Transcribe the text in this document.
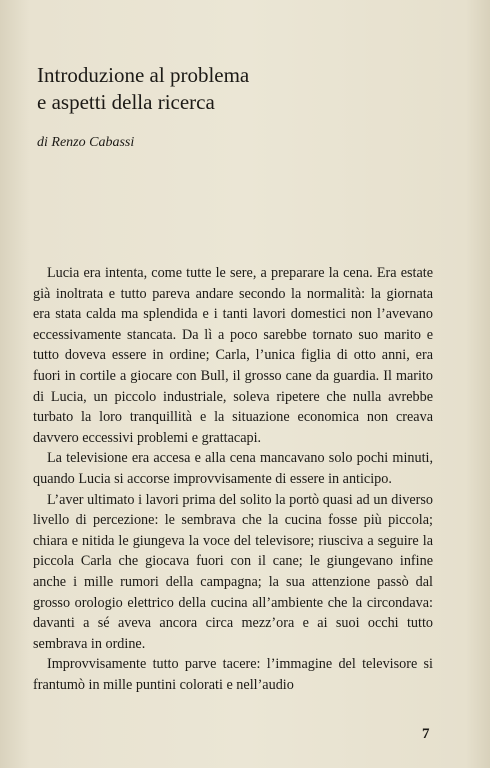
Introduzione al problema
e aspetti della ricerca
di Renzo Cabassi

Lucia era intenta, come tutte le sere, a preparare la cena. Era estate già inoltrata e tutto pareva andare secondo la normalità: la giornata era stata calda ma splendida e i tanti lavori domestici non l’avevano eccessivamente stancata. Da lì a poco sarebbe tornato suo marito e tutto doveva essere in ordine; Carla, l’unica figlia di otto anni, era fuori in cortile a giocare con Bull, il grosso cane da guardia. Il marito di Lucia, un piccolo industriale, soleva ripetere che nulla avrebbe turbato la loro tranquillità e la situazione economica non creava davvero eccessivi problemi e grattacapi.

La televisione era accesa e alla cena mancavano solo pochi minuti, quando Lucia si accorse improvvisamente di essere in anticipo.

L’aver ultimato i lavori prima del solito la portò quasi ad un diverso livello di percezione: le sembrava che la cucina fosse più piccola; chiara e nitida le giungeva la voce del televisore; riusciva a seguire la piccola Carla che giocava fuori con il cane; le giungevano infine anche i mille rumori della campagna; la sua attenzione passò dal grosso orologio elettrico della cucina all’ambiente che la circondava: davanti a sé aveva ancora circa mezz’ora e ai suoi occhi tutto sembrava in ordine.

Improvvisamente tutto parve tacere: l’immagine del televisore si frantumò in mille puntini colorati e nell’audio

7
